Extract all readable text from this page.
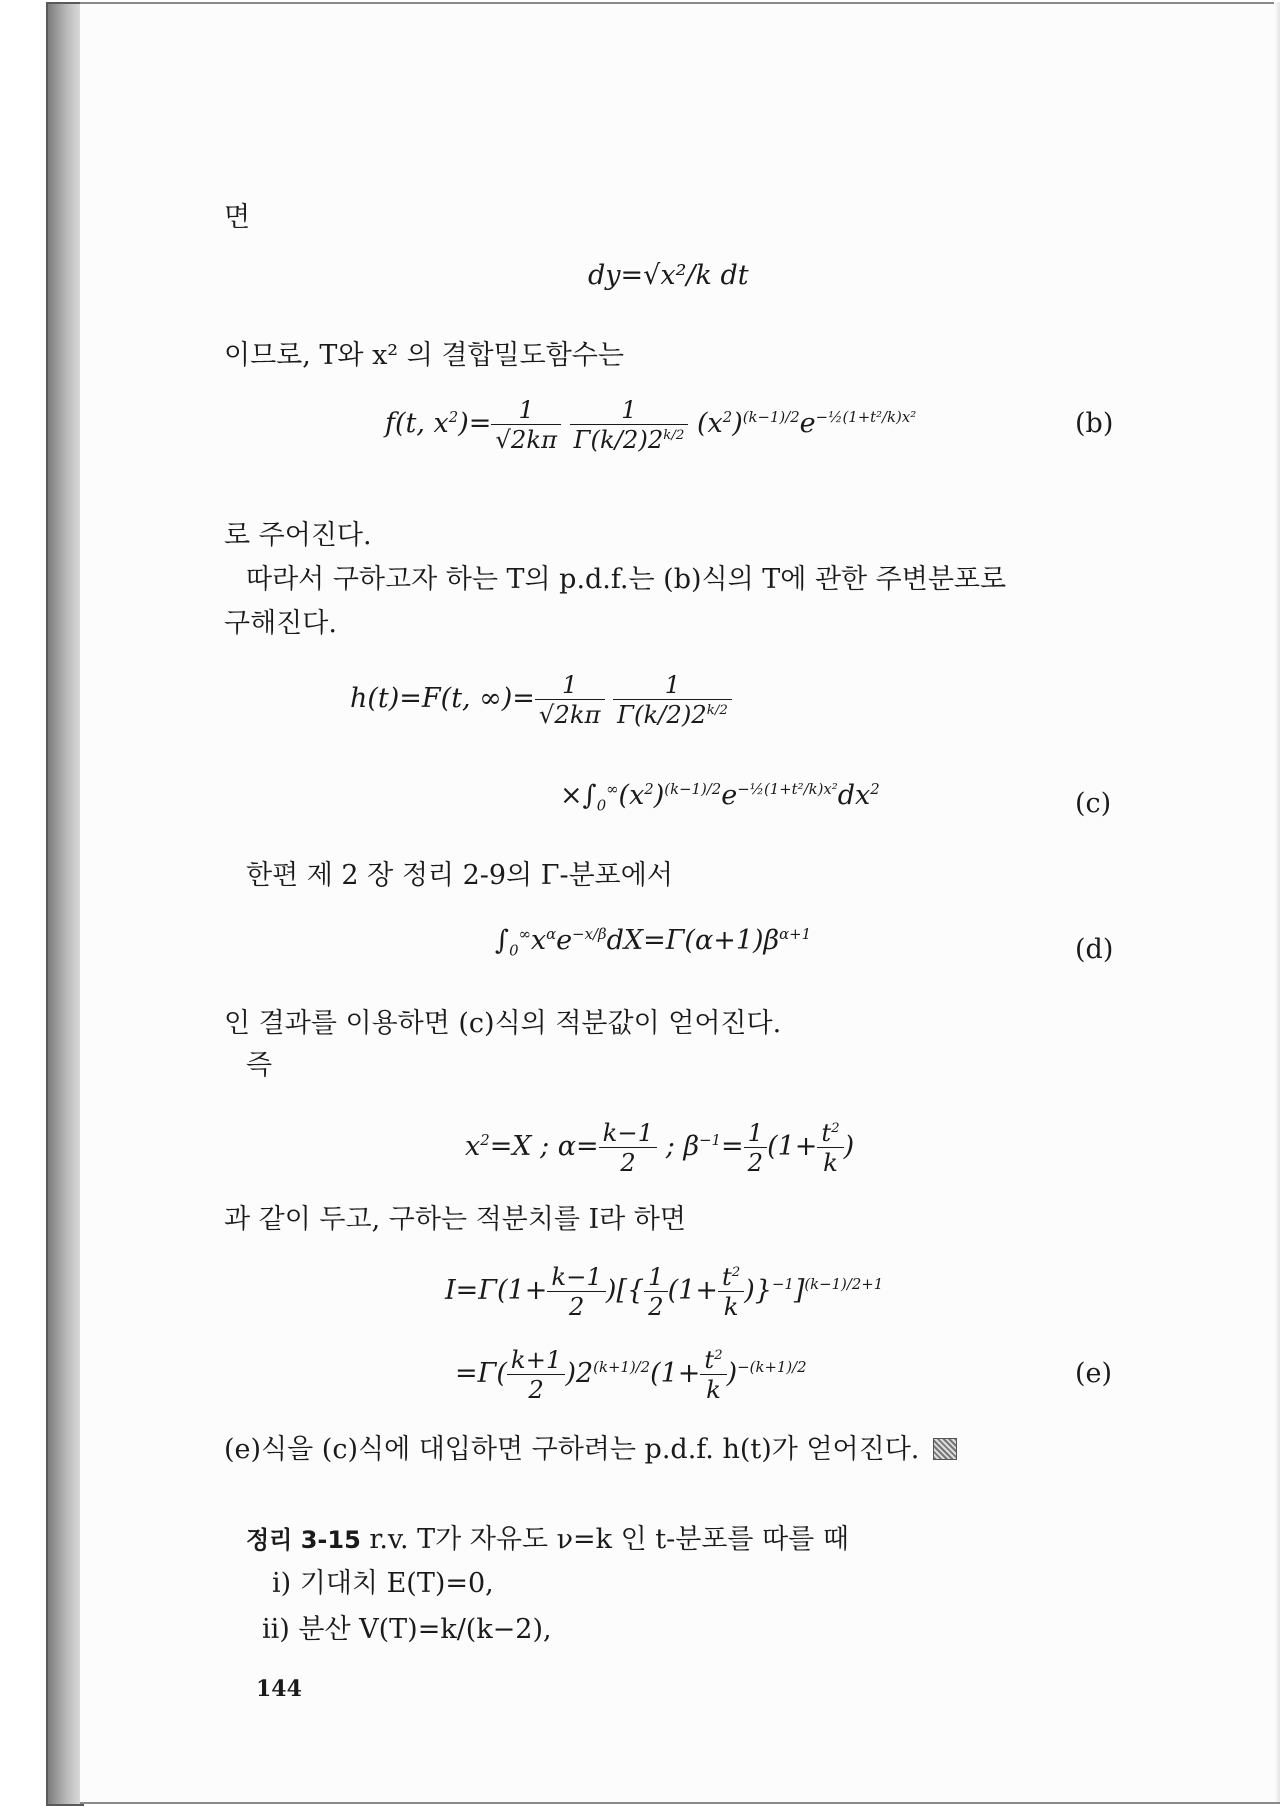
면
dy=√x²/k dt
이므로, T와 x² 의 결합밀도함수는
f(t, $x^2)= \frac{1}{√2k\pi}$
$\frac{1}{\Gamma(k/2)2^{k/2}} (x^2)^{(k-1)/2}e^{-\frac{1}{2}(1+t^2/k)x^2}$	(b)
로 주어진다.
따라서 구하고자 하는 T의 p.d.f.는 (b)식의 T에 관한 주변분포로
구해진다.
h(t)=F(t, ∞)= $\frac{1}{√2k\pi}$
$\frac{1}{\Gamma(k/2)2^{k/2}}$
$\times\int_0^\infty(x^2)^{(k-1)/2}e^{-\frac{1}{2}(1+t^2/k)x^2}dx^2$	(c)
한편 제 2 장 정리 2-9의 Γ-분포에서
$\int_0^\infty x^\alpha e^{-x/\beta}dX=\Gamma(\alpha+1)\beta^{\alpha+1}$	(d)
인 결과를 이용하면 (c)식의 적분값이 얻어진다.
즉
$x^2=X$ ; $\alpha= \frac{k-1}{2}$ ; $\beta^{-1}= \frac{1}{2} (1+ \frac{t^2}{k}$ )
과 같이 두고, 구하는 적분치를 I라 하면
$I=\Gamma(1+ \frac{k-1}{2}$ )[{ $\frac{1}{2} (1+ \frac{t^2}{k} )\}^{-1}]^{(k-1)/2+1}$
$=\Gamma( \frac{k+1}{2} )2^{(k+1)/2}(1+ \frac{t^2}{k} )^{-(k+1)/2}$	(e)
(e)식을 (c)식에 대입하면 구하려는 p.d.f. h(t)가 얻어진다.
정리 3-15 r.v. T가 자유도 ν=k 인 t-분포를 따를 때
i) 기대치 E(T)=0,
ii) 분산 V(T)=k/(k−2),
144
